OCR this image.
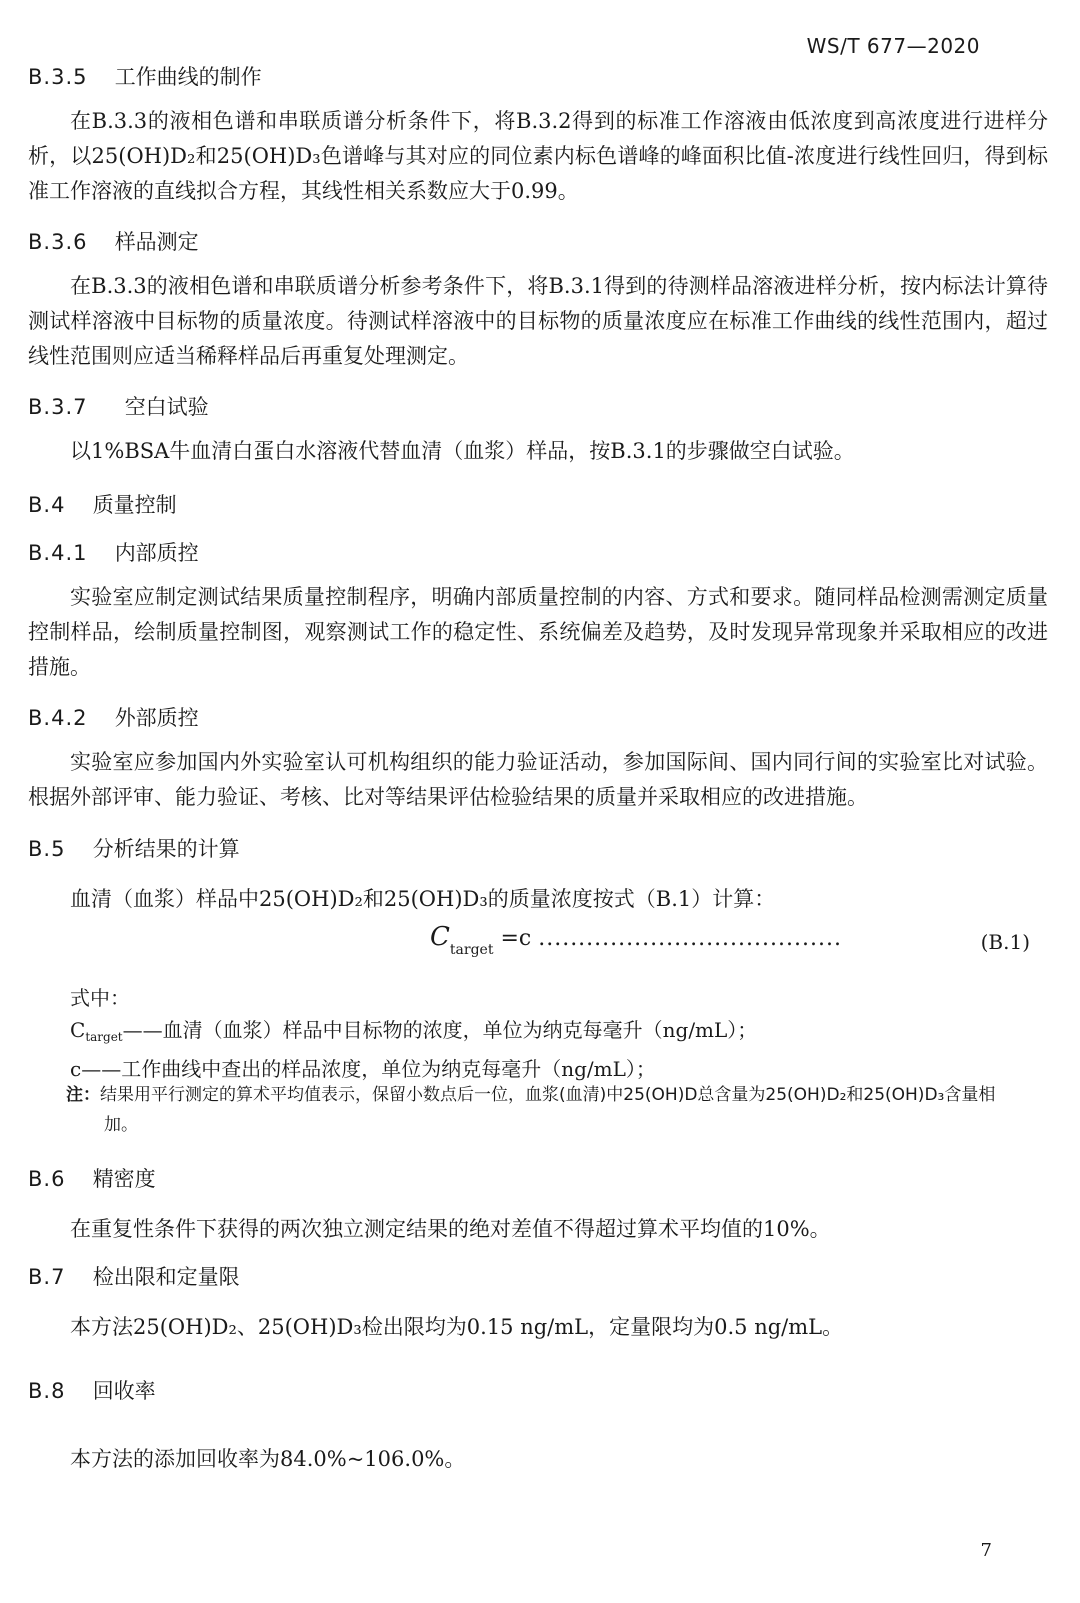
WS/T 677—2020
B.3.5 工作曲线的制作
在B.3.3的液相色谱和串联质谱分析条件下，将B.3.2得到的标准工作溶液由低浓度到高浓度进行进样分析，以25(OH)D₂和25(OH)D₃色谱峰与其对应的同位素内标色谱峰的峰面积比值-浓度进行线性回归，得到标准工作溶液的直线拟合方程，其线性相关系数应大于0.99。
B.3.6 样品测定
在B.3.3的液相色谱和串联质谱分析参考条件下，将B.3.1得到的待测样品溶液进样分析，按内标法计算待测试样溶液中目标物的质量浓度。待测试样溶液中的目标物的质量浓度应在标准工作曲线的线性范围内，超过线性范围则应适当稀释样品后再重复处理测定。
B.3.7 空白试验
以1%BSA牛血清白蛋白水溶液代替血清（血浆）样品，按B.3.1的步骤做空白试验。
B.4 质量控制
B.4.1 内部质控
实验室应制定测试结果质量控制程序，明确内部质量控制的内容、方式和要求。随同样品检测需测定质量控制样品，绘制质量控制图，观察测试工作的稳定性、系统偏差及趋势，及时发现异常现象并采取相应的改进措施。
B.4.2 外部质控
实验室应参加国内外实验室认可机构组织的能力验证活动，参加国际间、国内同行间的实验室比对试验。根据外部评审、能力验证、考核、比对等结果评估检验结果的质量并采取相应的改进措施。
B.5 分析结果的计算
血清（血浆）样品中25(OH)D₂和25(OH)D₃的质量浓度按式（B.1）计算：
$C_{target} =c$ ......................................	(B.1)
式中：
$C_{target}——$血清（血浆）样品中目标物的浓度，单位为纳克每毫升（ng/mL）；
c——工作曲线中查出的样品浓度，单位为纳克每毫升（ng/mL）；
注：结果用平行测定的算术平均值表示，保留小数点后一位，血浆(血清)中25(OH)D总含量为25(OH)D₂和25(OH)D₃含量相加。
B.6 精密度
在重复性条件下获得的两次独立测定结果的绝对差值不得超过算术平均值的10%。
B.7 检出限和定量限
本方法25(OH)D₂、25(OH)D₃检出限均为0.15 ng/mL，定量限均为0.5 ng/mL。
B.8 回收率
本方法的添加回收率为84.0%~106.0%。
7
